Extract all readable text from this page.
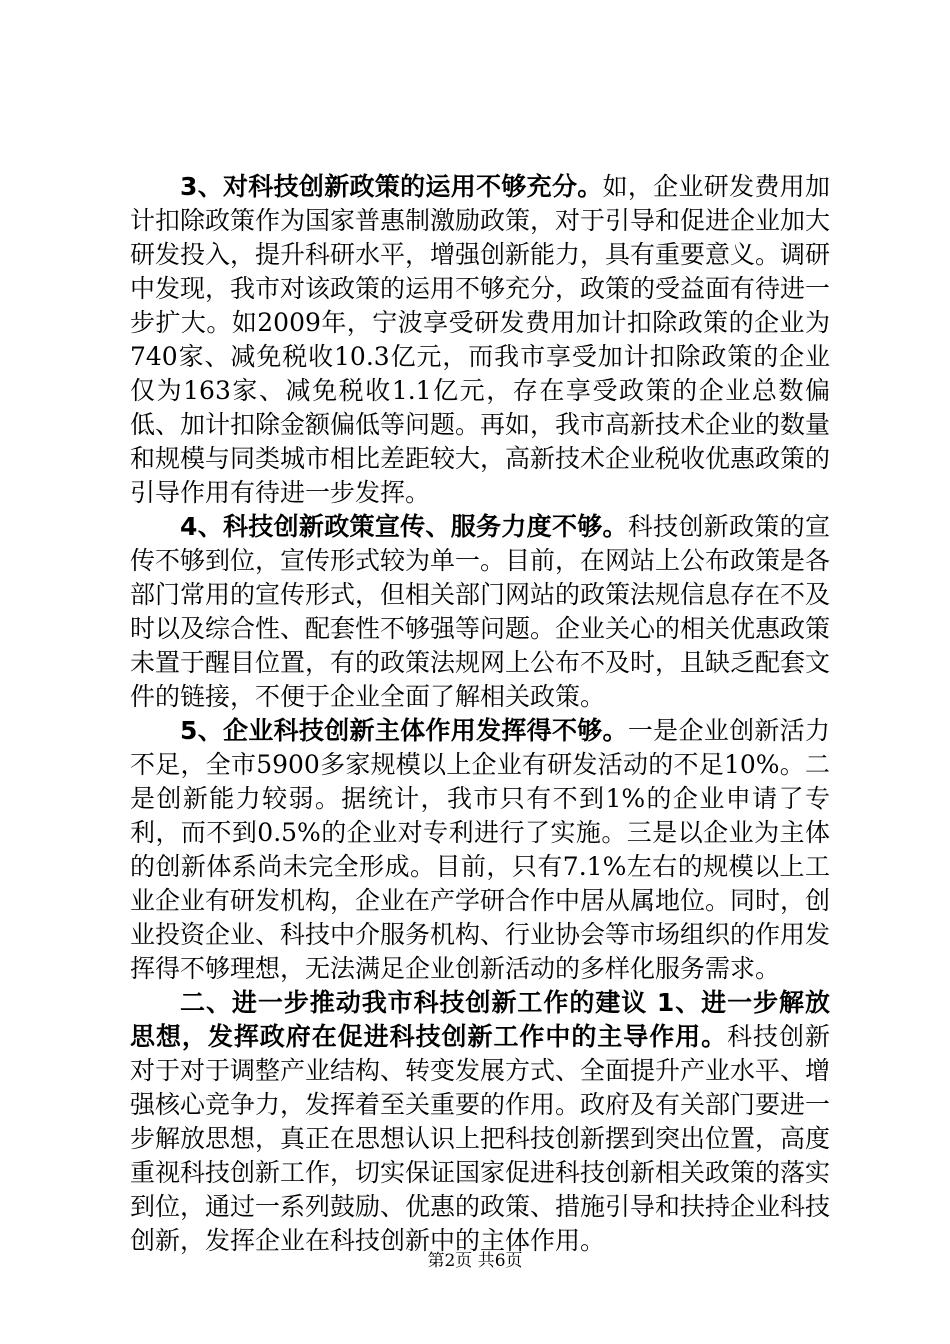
3、对科技创新政策的运用不够充分。如，企业研发费用加计扣除政策作为国家普惠制激励政策，对于引导和促进企业加大研发投入，提升科研水平，增强创新能力，具有重要意义。调研中发现，我市对该政策的运用不够充分，政策的受益面有待进一步扩大。如2009年，宁波享受研发费用加计扣除政策的企业为740家、减免税收10.3亿元，而我市享受加计扣除政策的企业仅为163家、减免税收1.1亿元，存在享受政策的企业总数偏低、加计扣除金额偏低等问题。再如，我市高新技术企业的数量和规模与同类城市相比差距较大，高新技术企业税收优惠政策的引导作用有待进一步发挥。

4、科技创新政策宣传、服务力度不够。科技创新政策的宣传不够到位，宣传形式较为单一。目前，在网站上公布政策是各部门常用的宣传形式，但相关部门网站的政策法规信息存在不及时以及综合性、配套性不够强等问题。企业关心的相关优惠政策未置于醒目位置，有的政策法规网上公布不及时，且缺乏配套文件的链接，不便于企业全面了解相关政策。

5、企业科技创新主体作用发挥得不够。一是企业创新活力不足，全市5900多家规模以上企业有研发活动的不足10%。二是创新能力较弱。据统计，我市只有不到1%的企业申请了专利，而不到0.5%的企业对专利进行了实施。三是以企业为主体的创新体系尚未完全形成。目前，只有7.1%左右的规模以上工业企业有研发机构，企业在产学研合作中居从属地位。同时，创业投资企业、科技中介服务机构、行业协会等市场组织的作用发挥得不够理想，无法满足企业创新活动的多样化服务需求。

二、进一步推动我市科技创新工作的建议 1、进一步解放思想，发挥政府在促进科技创新工作中的主导作用。科技创新对于对于调整产业结构、转变发展方式、全面提升产业水平、增强核心竞争力，发挥着至关重要的作用。政府及有关部门要进一步解放思想，真正在思想认识上把科技创新摆到突出位置，高度重视科技创新工作，切实保证国家促进科技创新相关政策的落实到位，通过一系列鼓励、优惠的政策、措施引导和扶持企业科技创新，发挥企业在科技创新中的主体作用。

第2页 共6页
